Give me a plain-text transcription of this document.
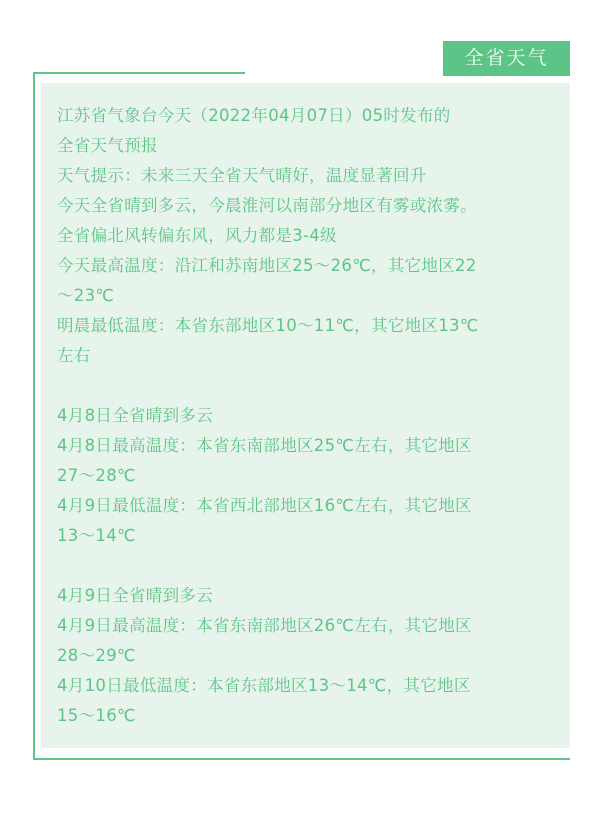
全省天气
江苏省气象台今天（2022年04月07日）05时发布的
全省天气预报
天气提示：未来三天全省天气晴好，温度显著回升
今天全省晴到多云，今晨淮河以南部分地区有雾或浓雾。
全省偏北风转偏东风，风力都是3-4级
今天最高温度：沿江和苏南地区25～26℃，其它地区22
～23℃
明晨最低温度：本省东部地区10～11℃，其它地区13℃
左右
4月8日全省晴到多云
4月8日最高温度：本省东南部地区25℃左右，其它地区
27～28℃
4月9日最低温度：本省西北部地区16℃左右，其它地区
13～14℃
4月9日全省晴到多云
4月9日最高温度：本省东南部地区26℃左右，其它地区
28～29℃
4月10日最低温度：本省东部地区13～14℃，其它地区
15～16℃
